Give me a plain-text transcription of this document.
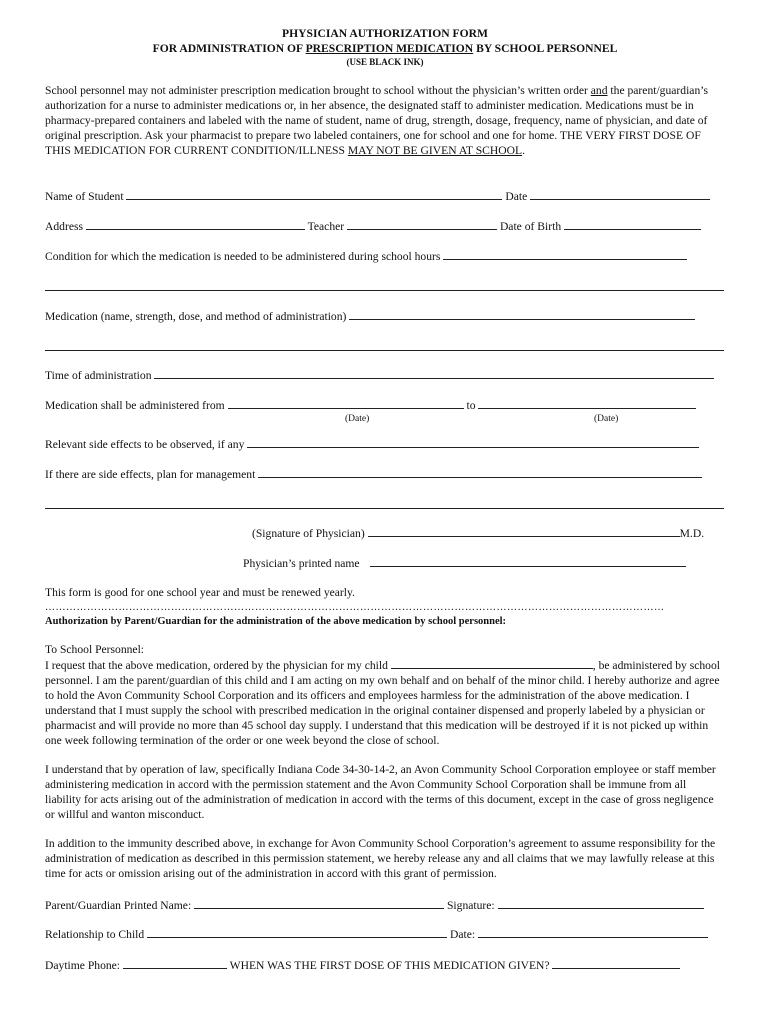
PHYSICIAN AUTHORIZATION FORM
FOR ADMINISTRATION OF PRESCRIPTION MEDICATION BY SCHOOL PERSONNEL
(USE BLACK INK)
School personnel may not administer prescription medication brought to school without the physician’s written order and the parent/guardian’s authorization for a nurse to administer medications or, in her absence, the designated staff to administer medication. Medications must be in pharmacy-prepared containers and labeled with the name of student, name of drug, strength, dosage, frequency, name of physician, and date of original prescription. Ask your pharmacist to prepare two labeled containers, one for school and one for home. THE VERY FIRST DOSE OF THIS MEDICATION FOR CURRENT CONDITION/ILLNESS MAY NOT BE GIVEN AT SCHOOL.
Name of Student	Date
Address	Teacher	Date of Birth
Condition for which the medication is needed to be administered during school hours
Medication (name, strength, dose, and method of administration)
Time of administration
Medication shall be administered from	to
(Date)	(Date)
Relevant side effects to be observed, if any
If there are side effects, plan for management
(Signature of Physician)	M.D.
Physician’s printed name
This form is good for one school year and must be renewed yearly.
……………………………………………………………………………………………………………………………………………………………
Authorization by Parent/Guardian for the administration of the above medication by school personnel:
To School Personnel:
I request that the above medication, ordered by the physician for my child	, be administered by school personnel. I am the parent/guardian of this child and I am acting on my own behalf and on behalf of the minor child. I hereby authorize and agree to hold the Avon Community School Corporation and its officers and employees harmless for the administration of the above medication. I understand that I must supply the school with prescribed medication in the original container dispensed and properly labeled by a physician or pharmacist and will provide no more than 45 school day supply. I understand that this medication will be destroyed if it is not picked up within one week following termination of the order or one week beyond the close of school.
I understand that by operation of law, specifically Indiana Code 34-30-14-2, an Avon Community School Corporation employee or staff member administering medication in accord with the permission statement and the Avon Community School Corporation shall be immune from all liability for acts arising out of the administration of medication in accord with the terms of this document, except in the case of gross negligence or willful and wanton misconduct.
In addition to the immunity described above, in exchange for Avon Community School Corporation’s agreement to assume responsibility for the administration of medication as described in this permission statement, we hereby release any and all claims that we may lawfully release at this time for acts or omission arising out of the administration in accord with this grant of permission.
Parent/Guardian Printed Name:	Signature:
Relationship to Child	Date:
Daytime Phone:	WHEN WAS THE FIRST DOSE OF THIS MEDICATION GIVEN?
